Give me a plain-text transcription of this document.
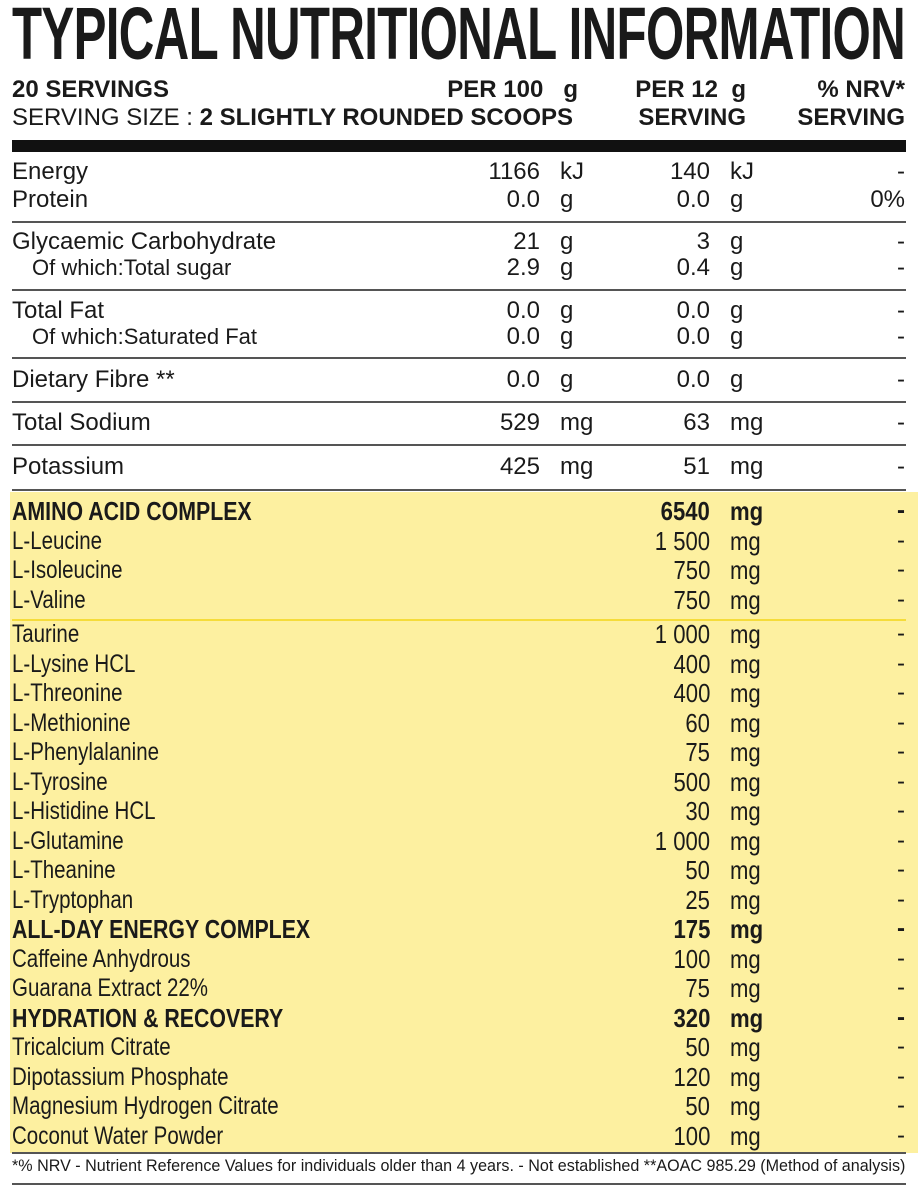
TYPICAL NUTRITIONAL INFORMATION
20 SERVINGS
SERVING SIZE : 2 SLIGHTLY ROUNDED SCOOPS
PER 100   g PER 12  g
SERVING
% NRV*
SERVING
Energy	1166 kJ	140 kJ	-
Protein	0.0 g	0.0 g	0%
Glycaemic Carbohydrate	21 g	3 g	-
Of which:Total sugar	2.9 g	0.4 g	-
Total Fat	0.0 g	0.0 g	-
Of which:Saturated Fat	0.0 g	0.0 g	-
Dietary Fibre **	0.0 g	0.0 g	-
Total Sodium	529 mg	63 mg	-
Potassium	425 mg	51 mg	-
AMINO ACID COMPLEX	6540 mg	-
L-Leucine	1 500 mg	-
L-Isoleucine	750 mg	-
L-Valine	750 mg	-
Taurine	1 000 mg	-
L-Lysine HCL	400 mg	-
L-Threonine	400 mg	-
L-Methionine	60 mg	-
L-Phenylalanine	75 mg	-
L-Tyrosine	500 mg	-
L-Histidine HCL	30 mg	-
L-Glutamine	1 000 mg	-
L-Theanine	50 mg	-
L-Tryptophan	25 mg	-
ALL-DAY ENERGY COMPLEX	175 mg	-
Caffeine Anhydrous	100 mg	-
Guarana Extract 22%	75 mg	-
HYDRATION & RECOVERY	320 mg	-
Tricalcium Citrate	50 mg	-
Dipotassium Phosphate	120 mg	-
Magnesium Hydrogen Citrate	50 mg	-
Coconut Water Powder	100 mg	-
*% NRV - Nutrient Reference Values for individuals older than 4 years. - Not established **AOAC 985.29 (Method of analysis)
